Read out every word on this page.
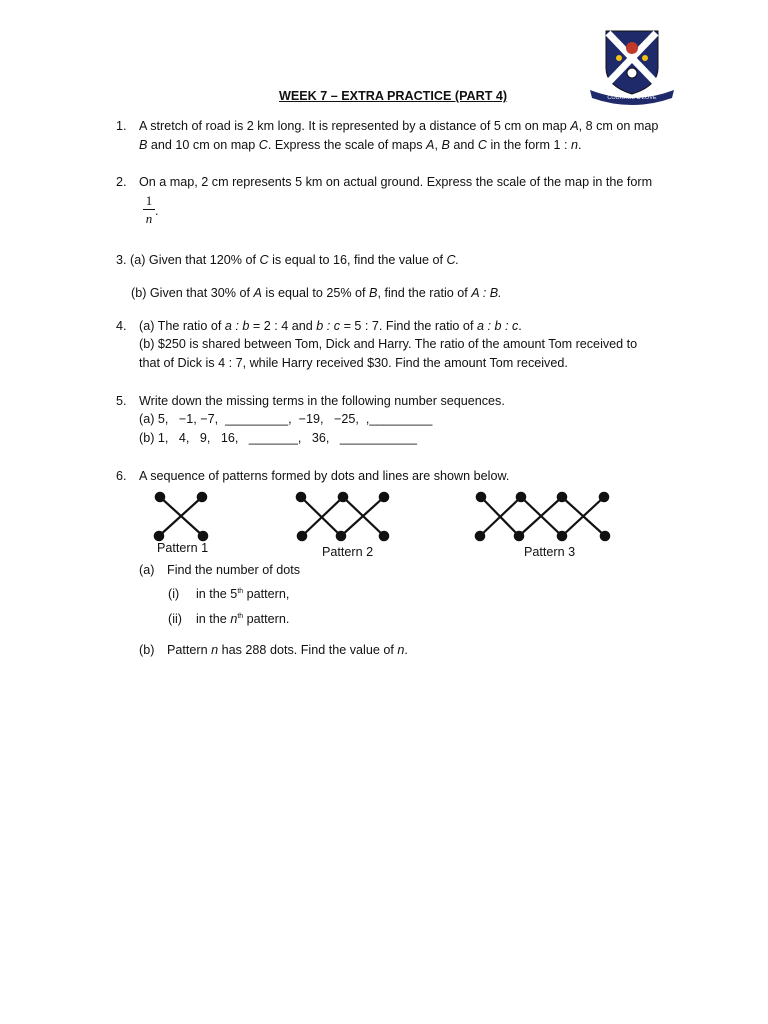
COURAGE & LOVE
WEEK 7 – EXTRA PRACTICE (PART 4)
1. A stretch of road is 2 km long. It is represented by a distance of 5 cm on map A, 8 cm on map
B and 10 cm on map C. Express the scale of maps A, B and C in the form 1 : n.
2. On a map, 2 cm represents 5 km on actual ground. Express the scale of the map in the form
1
n .
3. (a) Given that 120% of C is equal to 16, find the value of C.
(b) Given that 30% of A is equal to 25% of B, find the ratio of A : B.
4. (a) The ratio of a : b = 2 : 4 and b : c = 5 : 7. Find the ratio of a : b : c.
(b) $250 is shared between Tom, Dick and Harry. The ratio of the amount Tom received to
that of Dick is 4 : 7, while Harry received $30. Find the amount Tom received.
5. Write down the missing terms in the following number sequences.
(a) 5,   −1, −7,  _________,  −19,   −25,  ,_________
(b) 1,   4,   9,   16,   _______,   36,   ___________
6. A sequence of patterns formed by dots and lines are shown below.
Pattern 1	Pattern 2	Pattern 3
(a) Find the number of dots
(i) in the 5th pattern,
(ii) in the $n^{th}$ pattern.
(b) Pattern n has 288 dots. Find the value of n.
